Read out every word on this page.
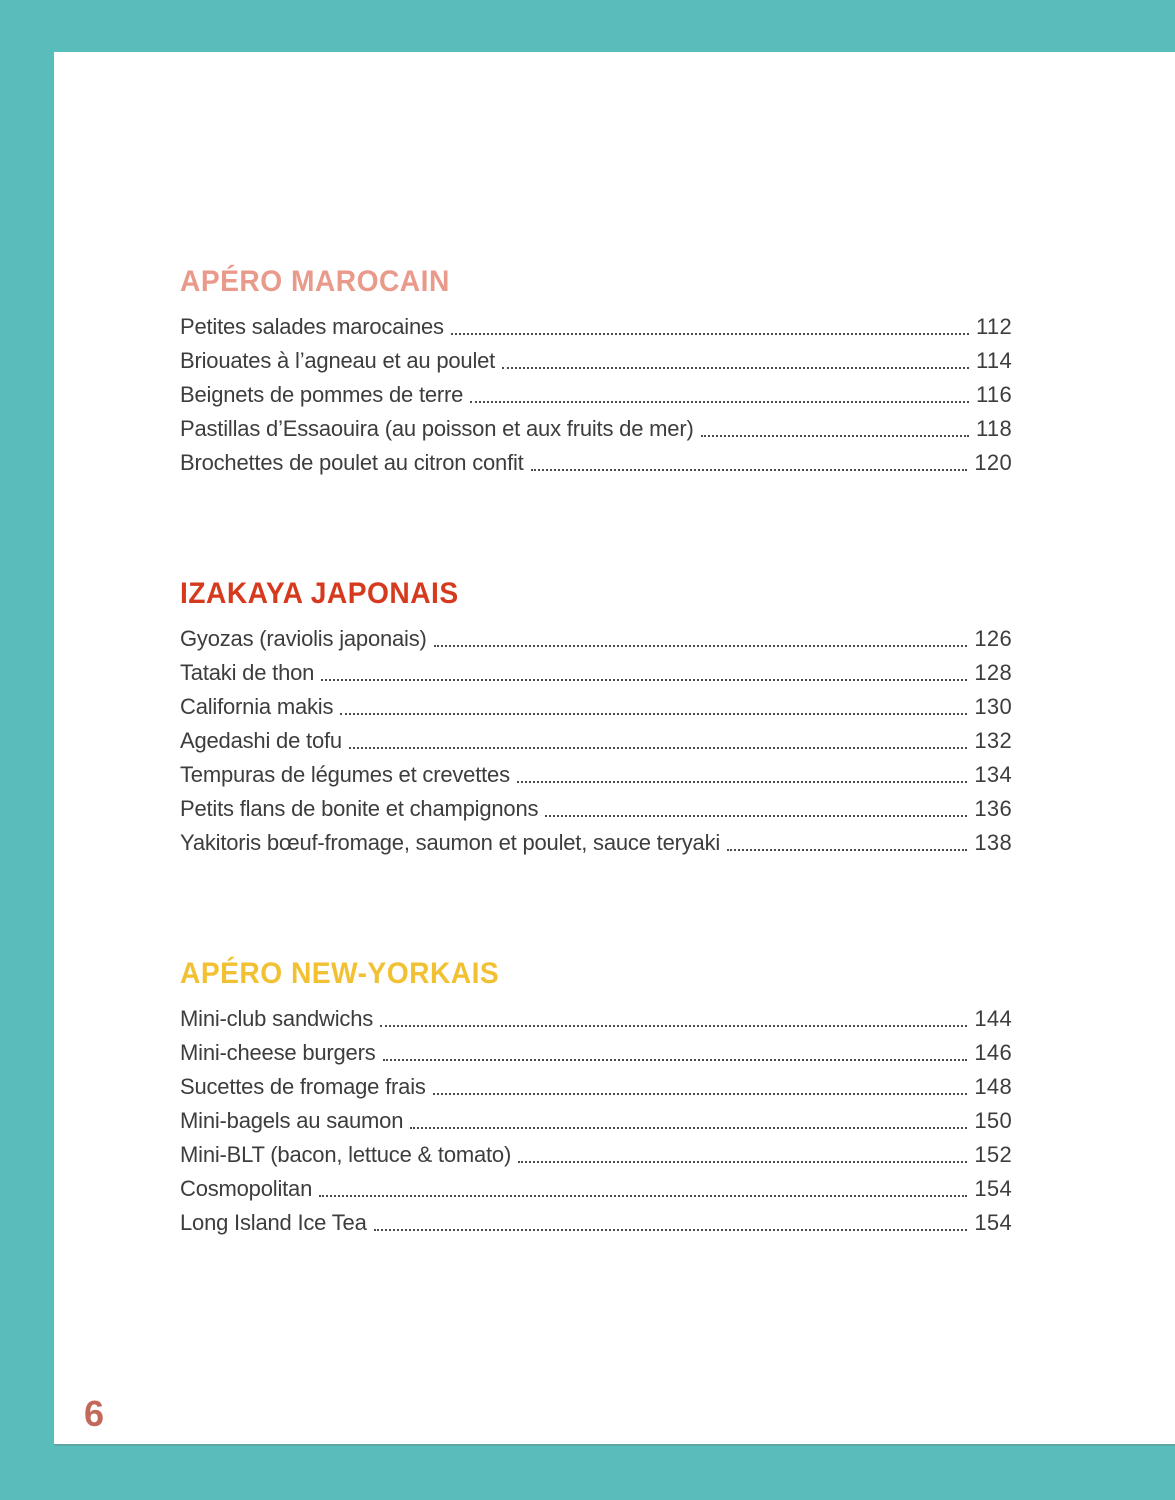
APÉRO MAROCAIN
Petites salades marocaines	112
Briouates à l’agneau et au poulet	114
Beignets de pommes de terre	116
Pastillas d’Essaouira (au poisson et aux fruits de mer)	118
Brochettes de poulet au citron confit	120
IZAKAYA JAPONAIS
Gyozas (raviolis japonais)	126
Tataki de thon	128
California makis	130
Agedashi de tofu	132
Tempuras de légumes et crevettes	134
Petits flans de bonite et champignons	136
Yakitoris bœuf-fromage, saumon et poulet, sauce teryaki	138
APÉRO NEW-YORKAIS
Mini-club sandwichs	144
Mini-cheese burgers	146
Sucettes de fromage frais	148
Mini-bagels au saumon	150
Mini-BLT (bacon, lettuce & tomato)	152
Cosmopolitan	154
Long Island Ice Tea	154
6
